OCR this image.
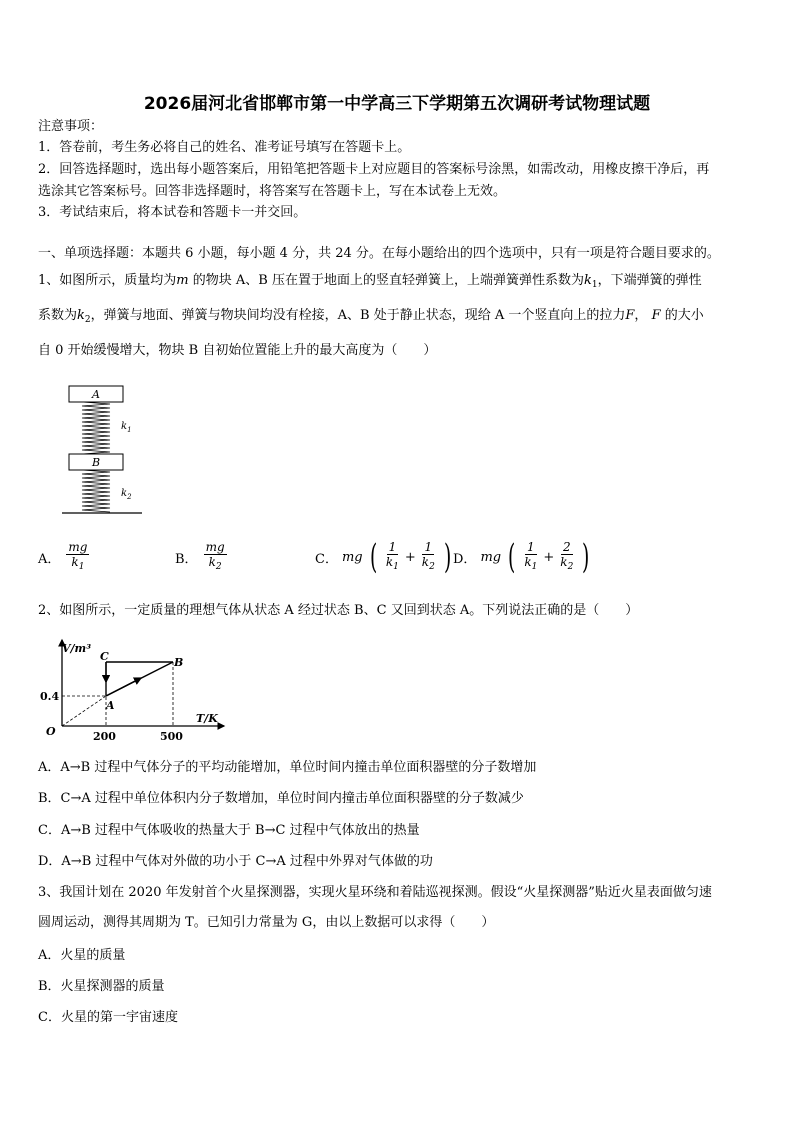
2026届河北省邯郸市第一中学高三下学期第五次调研考试物理试题
注意事项：
1．答卷前，考生务必将自己的姓名、准考证号填写在答题卡上。
2．回答选择题时，选出每小题答案后，用铅笔把答题卡上对应题目的答案标号涂黑，如需改动，用橡皮擦干净后，再
选涂其它答案标号。回答非选择题时，将答案写在答题卡上，写在本试卷上无效。
3．考试结束后，将本试卷和答题卡一并交回。
一、单项选择题：本题共 6 小题，每小题 4 分，共 24 分。在每小题给出的四个选项中，只有一项是符合题目要求的。
1、如图所示，质量均为m 的物块 A、B 压在置于地面上的竖直轻弹簧上，上端弹簧弹性系数为$k_1$，下端弹簧的弹性
系数为$k_2$，弹簧与地面、弹簧与物块间均没有栓接，A、B 处于静止状态，现给 A 一个竖直向上的拉力F， F 的大小
自 0 开始缓慢增大，物块 B 自初始位置能上升的最大高度为（　　）
A
$k_1$
B
$k_2$
A． $\frac{mg}{k_1}$	B． $\frac{mg}{k_2}$	C． mg ( $\frac{1}{k_1} + \frac{1}{k_2}$ ) D． mg ( $\frac{1}{k_1} + \frac{2}{k_2}$ )
2、如图所示，一定质量的理想气体从状态 A 经过状态 B、C 又回到状态 A。下列说法正确的是（　　）
V/m³
T/K
O
0.4
200	500
A
B
C
A．A→B 过程中气体分子的平均动能增加，单位时间内撞击单位面积器壁的分子数增加
B．C→A 过程中单位体积内分子数增加，单位时间内撞击单位面积器壁的分子数减少
C．A→B 过程中气体吸收的热量大于 B→C 过程中气体放出的热量
D．A→B 过程中气体对外做的功小于 C→A 过程中外界对气体做的功
3、我国计划在 2020 年发射首个火星探测器，实现火星环绕和着陆巡视探测。假设“火星探测器”贴近火星表面做匀速
圆周运动，测得其周期为 T。已知引力常量为 G，由以上数据可以求得（　　）
A．火星的质量
B．火星探测器的质量
C．火星的第一宇宙速度
